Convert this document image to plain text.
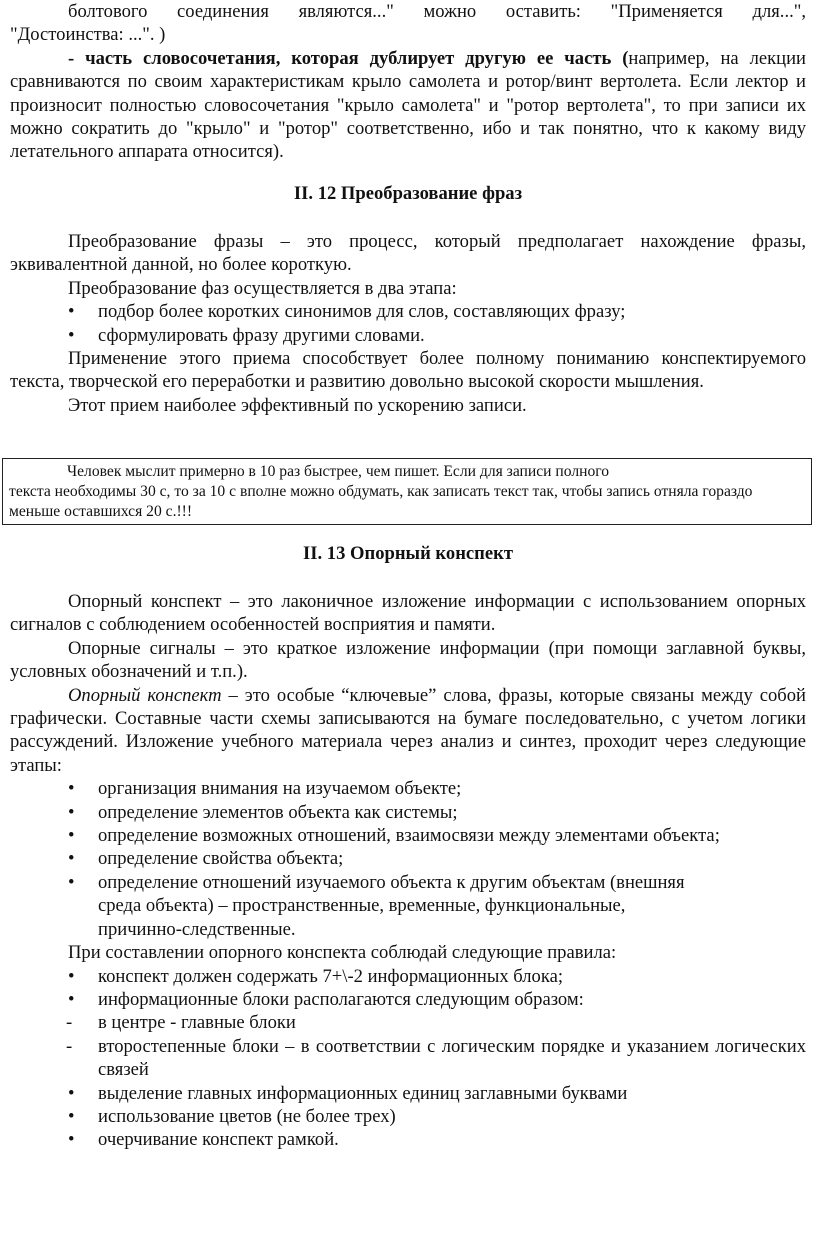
болтового соединения являются..." можно оставить: "Применяется для...",

"Достоинства: ...". )

- часть словосочетания, которая дублирует другую ее часть (например, на лекции сравниваются по своим характеристикам крыло самолета и ротор/винт вертолета. Если лектор и произносит полностью словосочетания "крыло самолета" и "ротор вертолета", то при записи их можно сократить до "крыло" и "ротор" соответственно, ибо и так понятно, что к какому виду летательного аппарата относится).

II. 12 Преобразование фраз

Преобразование фразы – это процесс, который предполагает нахождение фразы, эквивалентной данной, но более короткую.

Преобразование фаз осуществляется в два этапа:

•	подбор более коротких синонимов для слов, составляющих фразу;
•	сформулировать фразу другими словами.

Применение этого приема способствует более полному пониманию конспектируемого текста, творческой его переработки и развитию довольно высокой скорости мышления.

Этот прием наиболее эффективный по ускорению записи.

Человек мыслит примерно в 10 раз быстрее, чем пишет. Если для записи полного
текста необходимы 30 с, то за 10 с вполне можно обдумать, как записать текст так, чтобы запись отняла гораздо
меньше оставшихся 20 с.!!!
II. 13 Опорный конспект

Опорный конспект – это лаконичное изложение информации с использованием опорных сигналов с соблюдением особенностей восприятия и памяти.

Опорные сигналы – это краткое изложение информации (при помощи заглавной буквы, условных обозначений и т.п.).

Опорный конспект – это особые “ключевые” слова, фразы, которые связаны между собой графически. Составные части схемы записываются на бумаге последовательно, с учетом логики рассуждений. Изложение учебного материала через анализ и синтез, проходит через следующие этапы:

•	организация внимания на изучаемом объекте;
•	определение элементов объекта как системы;
•	определение возможных отношений, взаимосвязи между элементами объекта;
•	определение свойства объекта;
•	определение отношений изучаемого объекта к другим объектам (внешняя среда объекта) – пространственные, временные, функциональные, причинно-следственные.

При составлении опорного конспекта соблюдай следующие правила:

•	конспект должен содержать 7+\-2 информационных блока;
•	информационные блоки располагаются следующим образом:
-	в центре - главные блоки
-	второстепенные блоки – в соответствии с логическим порядке и указанием логических связей
•	выделение главных информационных единиц заглавными буквами
•	использование цветов (не более трех)
•	очерчивание конспект рамкой.
